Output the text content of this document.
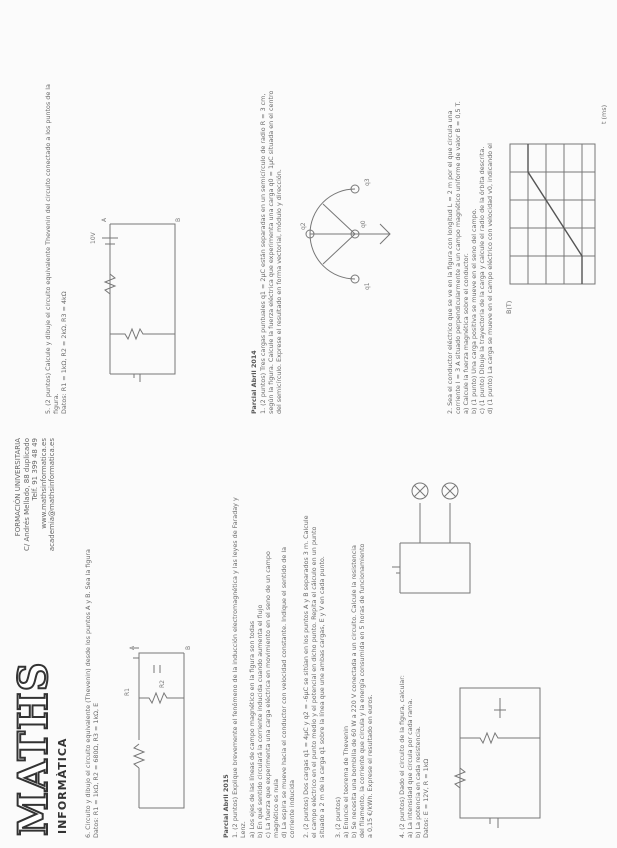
MATHS INFORMÀTICA
FORMACIÓN UNIVERSITARIA C/ Andrés Mellado, 88 duplicado Telf. 91 399 48 49 www.mathsinformatica.es academia@mathsinformatica.es
6. Circuito y dibujo el circuito equivalente (Thevenin) desde los puntos A y B. Sea la figura Datos: R1 = 1kΩ, R2 = 680Ω, R3 = 1kΩ, E
R1
R2
A	B
Parcial Abril 2015 1. (2 puntos) Explique brevemente el fenómeno de la inducción electromagnética y las leyes de Faraday y Lenz. a) Los ejes de las líneas de campo magnético en la figura son todas b) En qué sentido circulará la corriente inducida cuando aumenta el flujo c) La fuerza que experimenta una carga eléctrica en movimiento en el seno de un campo magnético es nula d) La espira se mueve hacia el conductor con velocidad constante. Indique el sentido de la corriente inducida 2. (2 puntos) Dos cargas q1 = 4μC y q2 = -6μC se sitúan en los puntos A y B separados 3 m. Calcule el campo eléctrico en el punto medio y el potencial en dicho punto. Repita el cálculo en un punto situado a 2 m de la carga q1 sobre la línea que une ambas cargas, E y V en cada punto. 3. (2 puntos) a) Enuncie el teorema de Thevenin b) Se necesita una bombilla de 60 W a 220 V conectada a un circuito. Calcule la resistencia del filamento, la corriente que circula y la energía consumida en 5 horas de funcionamiento a 0,15 €/kWh. Exprese el resultado en euros.	4. (2 puntos) Dado el circuito de la figura, calcular: a) La intensidad que circula por cada rama. b) La potencia en cada resistencia. Datos: E = 12V, R = 1kΩ
5. (2 puntos) Calcule y dibuje el circuito equivalente Thevenin del circuito conectado a los puntos de la figura. Datos: R1 = 1kΩ, R2 = 2kΩ, R3 = 4kΩ
A	B
10V
Parcial Abril 2014 1. (2 puntos) Tres cargas puntuales q1 = 2μC están separadas en un semicírculo de radio R = 3 cm, según la figura. Calcule la fuerza eléctrica que experimenta una carga q0 = 1μC situada en el centro del semicírculo. Exprese el resultado en forma vectorial, módulo y dirección.	q1
q2
q3
q0	2. Sea el conductor eléctrico que se ve en la figura con longitud L = 2 m por el que circula una corriente I = 3 A situado perpendicularmente a un campo magnético uniforme de valor B = 0,5 T. a) Calcule la fuerza magnética sobre el conductor. b) (1 punto) Una carga positiva se mueve en el seno del campo. c) (1 punto) Dibuje la trayectoria de la carga y calcule el radio de la órbita descrita. d) (1 punto) La carga se mueve en el campo eléctrico con velocidad v0, indicando el B(T)
t (ms)
